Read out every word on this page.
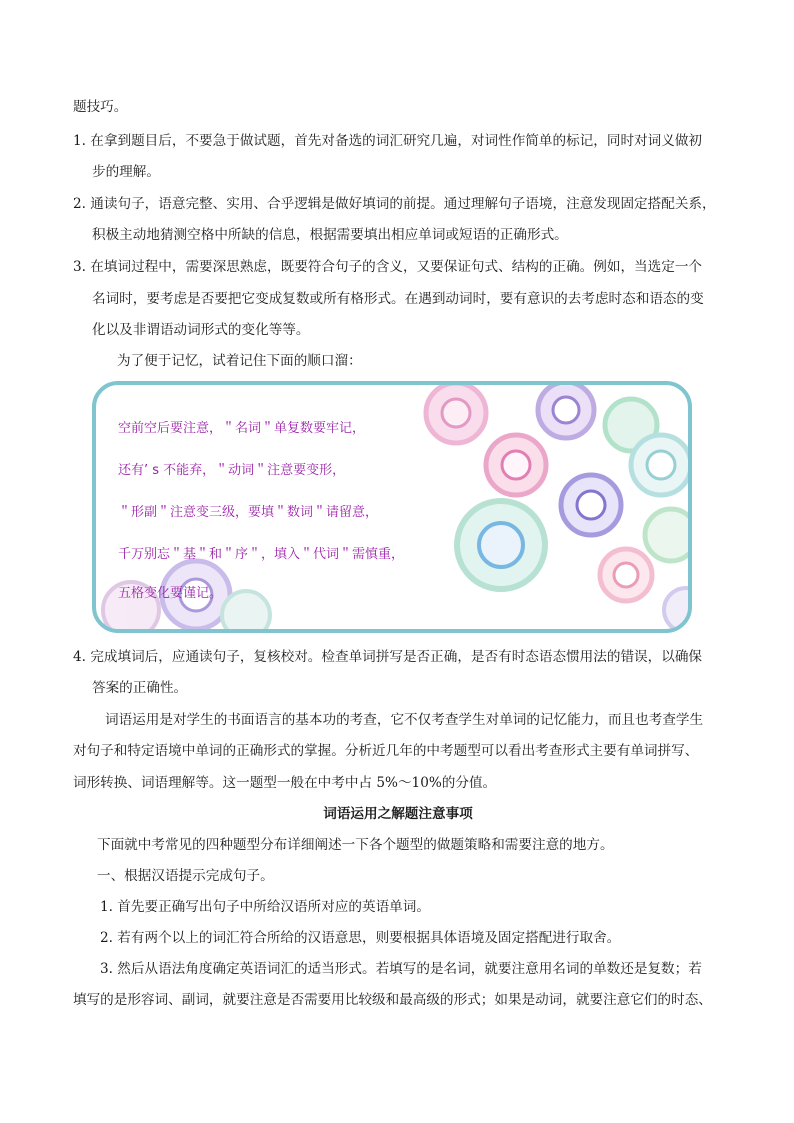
题技巧。
1. 在拿到题目后，不要急于做试题，首先对备选的词汇研究几遍，对词性作简单的标记，同时对词义做初
步的理解。
2. 通读句子，语意完整、实用、合乎逻辑是做好填词的前提。通过理解句子语境，注意发现固定搭配关系，
积极主动地猜测空格中所缺的信息，根据需要填出相应单词或短语的正确形式。
3. 在填词过程中，需要深思熟虑，既要符合句子的含义，又要保证句式、结构的正确。例如，当选定一个
名词时，要考虑是否要把它变成复数或所有格形式。在遇到动词时，要有意识的去考虑时态和语态的变
化以及非谓语动词形式的变化等等。
为了便于记忆，试着记住下面的顺口溜：
空前空后要注意，＂名词＂单复数要牢记，
还有’ s 不能弃，＂动词＂注意要变形，
＂形副＂注意变三级，要填＂数词＂请留意，
千万别忘＂基＂和＂序＂，填入＂代词＂需慎重，
五格变化要谨记。
4. 完成填词后，应通读句子，复核校对。检查单词拼写是否正确，是否有时态语态惯用法的错误，以确保
答案的正确性。
词语运用是对学生的书面语言的基本功的考查，它不仅考查学生对单词的记忆能力，而且也考查学生
对句子和特定语境中单词的正确形式的掌握。分析近几年的中考题型可以看出考查形式主要有单词拼写、
词形转换、词语理解等。这一题型一般在中考中占 5%～10%的分值。
词语运用之解题注意事项
下面就中考常见的四种题型分布详细阐述一下各个题型的做题策略和需要注意的地方。
一、根据汉语提示完成句子。
1. 首先要正确写出句子中所给汉语所对应的英语单词。
2. 若有两个以上的词汇符合所给的汉语意思，则要根据具体语境及固定搭配进行取舍。
3. 然后从语法角度确定英语词汇的适当形式。若填写的是名词，就要注意用名词的单数还是复数；若
填写的是形容词、副词，就要注意是否需要用比较级和最高级的形式；如果是动词，就要注意它们的时态、
